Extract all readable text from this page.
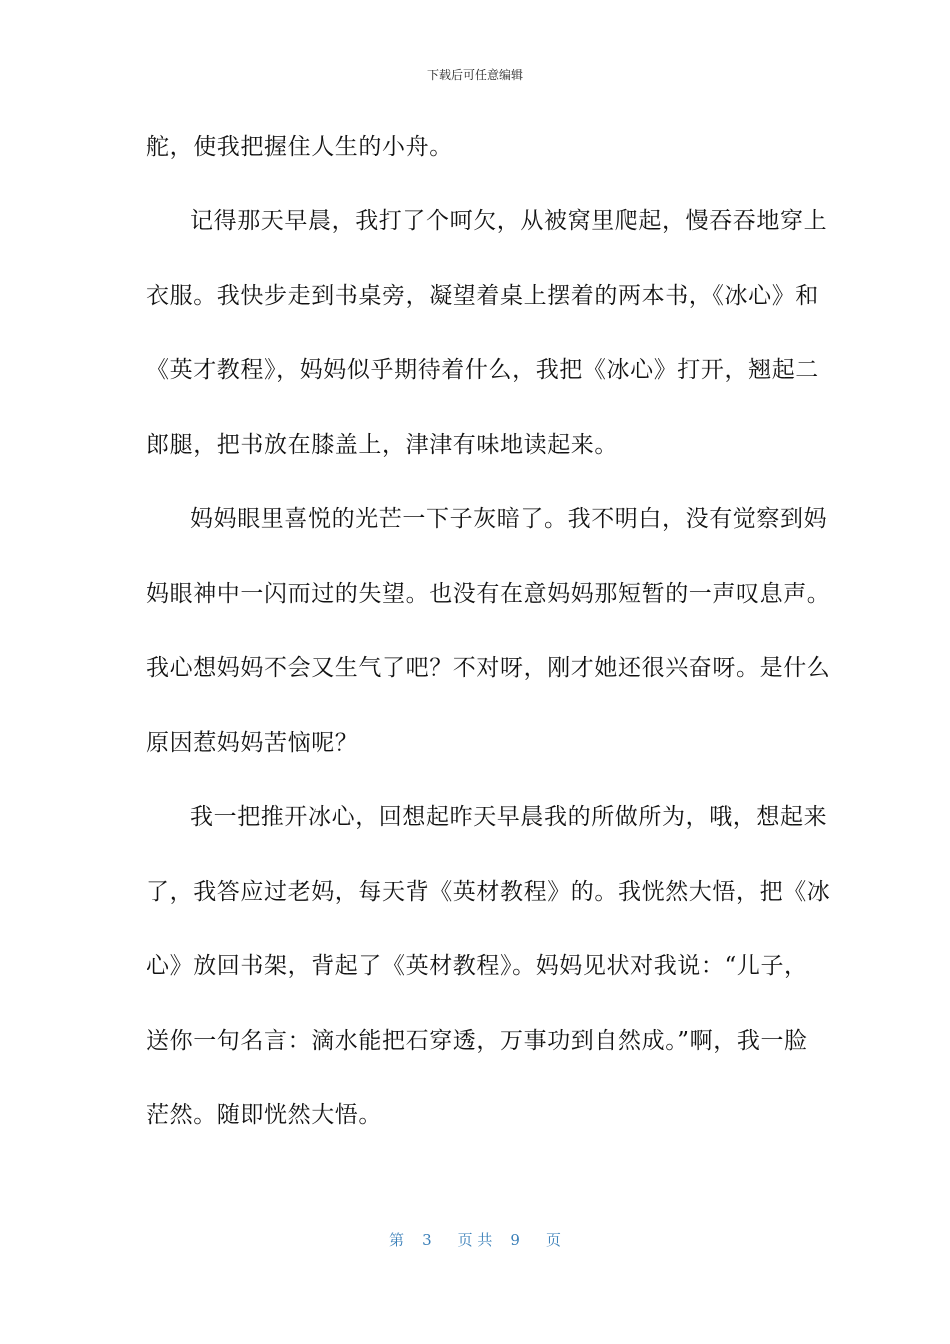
下载后可任意编辑
舵，使我把握住人生的小舟。
记得那天早晨，我打了个呵欠，从被窝里爬起，慢吞吞地穿上
衣服。我快步走到书桌旁，凝望着桌上摆着的两本书，《冰心》和
《英才教程》，妈妈似乎期待着什么，我把《冰心》打开，翘起二
郎腿，把书放在膝盖上，津津有味地读起来。
妈妈眼里喜悦的光芒一下子灰暗了。我不明白，没有觉察到妈
妈眼神中一闪而过的失望。也没有在意妈妈那短暂的一声叹息声。
我心想妈妈不会又生气了吧？不对呀，刚才她还很兴奋呀。是什么
原因惹妈妈苦恼呢？
我一把推开冰心，回想起昨天早晨我的所做所为，哦，想起来
了，我答应过老妈，每天背《英材教程》的。我恍然大悟，把《冰
心》放回书架，背起了《英材教程》。妈妈见状对我说：“儿子，
送你一句名言：滴水能把石穿透，万事功到自然成。”啊，我一脸
茫然。随即恍然大悟。
第 3 页 共 9 页
